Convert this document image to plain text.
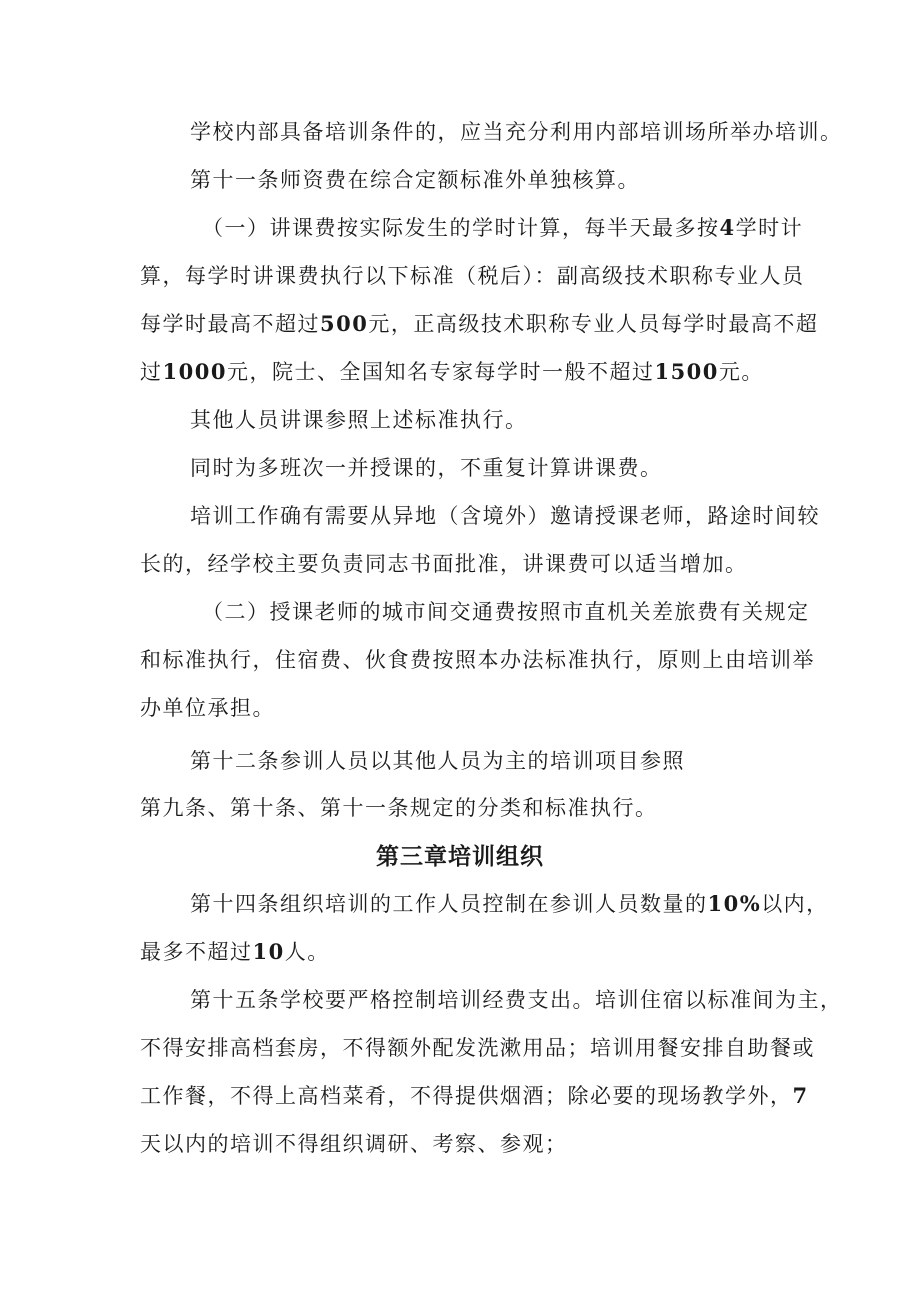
学校内部具备培训条件的，应当充分利用内部培训场所举办培训。
第十一条师资费在综合定额标准外单独核算。
（一）讲课费按实际发生的学时计算，每半天最多按4学时计
算，每学时讲课费执行以下标准（税后）：副高级技术职称专业人员
每学时最高不超过500元，正高级技术职称专业人员每学时最高不超
过1000元，院士、全国知名专家每学时一般不超过1500元。
其他人员讲课参照上述标准执行。
同时为多班次一并授课的，不重复计算讲课费。
培训工作确有需要从异地（含境外）邀请授课老师，路途时间较
长的，经学校主要负责同志书面批准，讲课费可以适当增加。
（二）授课老师的城市间交通费按照市直机关差旅费有关规定
和标准执行，住宿费、伙食费按照本办法标准执行，原则上由培训举
办单位承担。
第十二条参训人员以其他人员为主的培训项目参照
第九条、第十条、第十一条规定的分类和标准执行。
第三章培训组织
第十四条组织培训的工作人员控制在参训人员数量的10%以内，
最多不超过10人。
第十五条学校要严格控制培训经费支出。培训住宿以标准间为主，
不得安排高档套房，不得额外配发洗漱用品；培训用餐安排自助餐或
工作餐，不得上高档菜肴，不得提供烟酒；除必要的现场教学外，7
天以内的培训不得组织调研、考察、参观；
